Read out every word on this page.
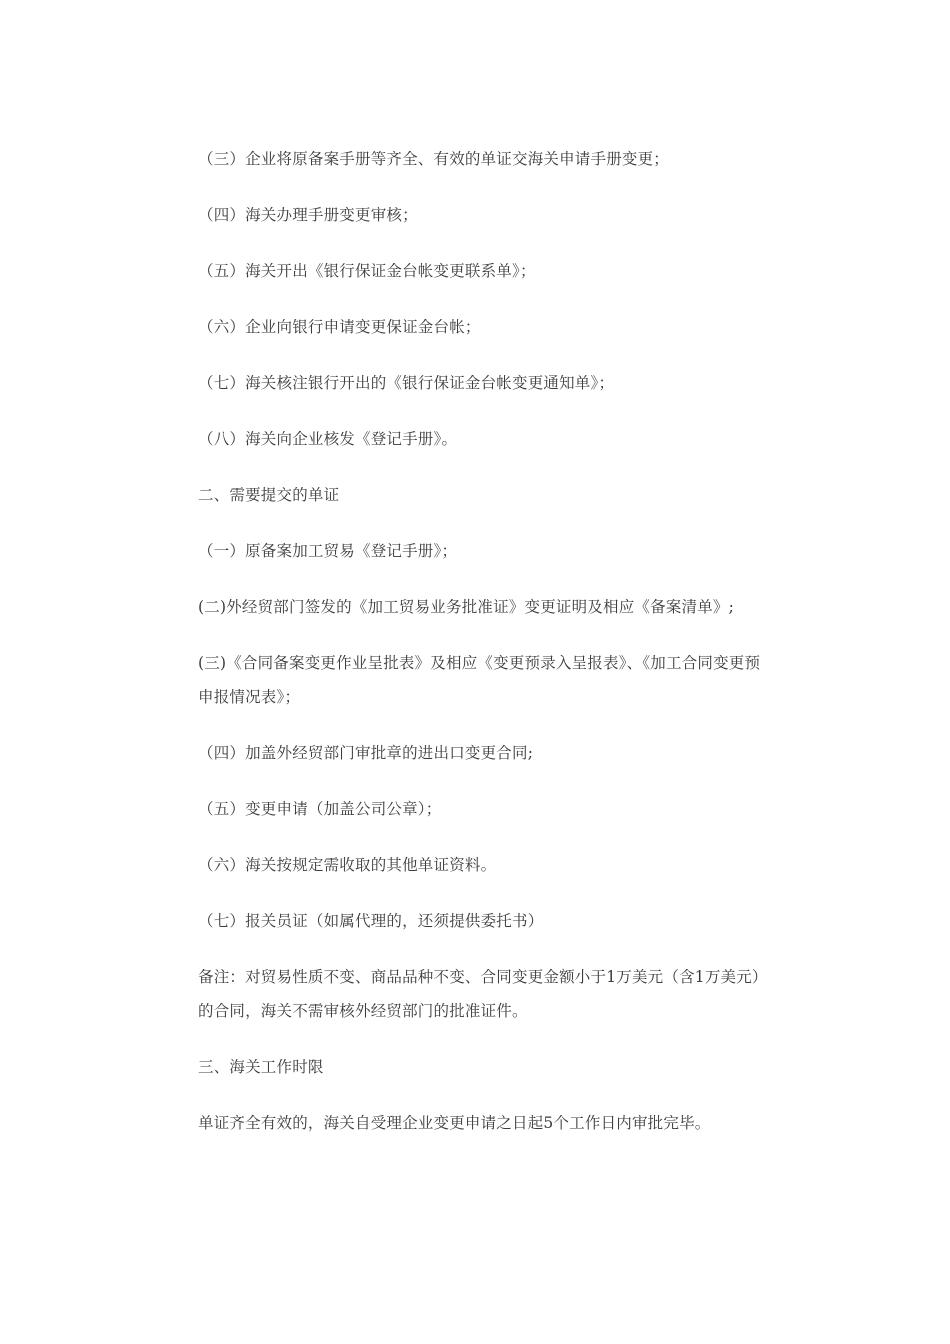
（三）企业将原备案手册等齐全、有效的单证交海关申请手册变更；

（四）海关办理手册变更审核；

（五）海关开出《银行保证金台帐变更联系单》；

（六）企业向银行申请变更保证金台帐；

（七）海关核注银行开出的《银行保证金台帐变更通知单》；

（八）海关向企业核发《登记手册》。

二、需要提交的单证

（一）原备案加工贸易《登记手册》；

(二)外经贸部门签发的《加工贸易业务批准证》变更证明及相应《备案清单》;

(三)《合同备案变更作业呈批表》及相应《变更预录入呈报表》、《加工合同变更预申报情况表》；

（四）加盖外经贸部门审批章的进出口变更合同;

（五）变更申请（加盖公司公章）；

（六）海关按规定需收取的其他单证资料。

（七）报关员证（如属代理的，还须提供委托书）

备注：对贸易性质不变、商品品种不变、合同变更金额小于1万美元（含1万美元）的合同，海关不需审核外经贸部门的批准证件。

三、海关工作时限

单证齐全有效的，海关自受理企业变更申请之日起5个工作日内审批完毕。
